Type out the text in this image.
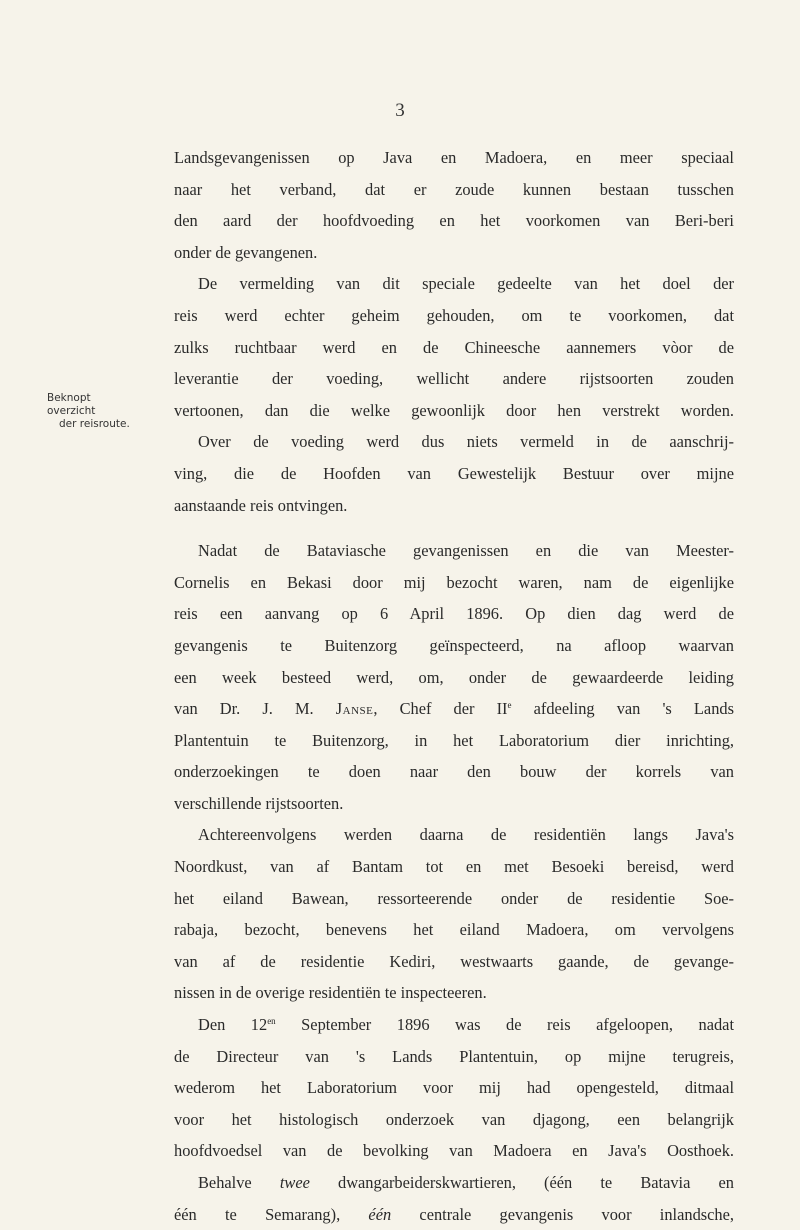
3
Beknopt overzicht
der reisroute.
Landsgevangenissen op Java en Madoera, en meer speciaal
naar het verband, dat er zoude kunnen bestaan tusschen
den aard der hoofdvoeding en het voorkomen van Beri-beri
onder de gevangenen.
De vermelding van dit speciale gedeelte van het doel der
reis werd echter geheim gehouden, om te voorkomen, dat
zulks ruchtbaar werd en de Chineesche aannemers vòor de
leverantie der voeding, wellicht andere rijstsoorten zouden
vertoonen, dan die welke gewoonlijk door hen verstrekt worden.
Over de voeding werd dus niets vermeld in de aanschrij-
ving, die de Hoofden van Gewestelijk Bestuur over mijne
aanstaande reis ontvingen.
Nadat de Bataviasche gevangenissen en die van Meester-
Cornelis en Bekasi door mij bezocht waren, nam de eigenlijke
reis een aanvang op 6 April 1896. Op dien dag werd de
gevangenis te Buitenzorg geïnspecteerd, na afloop waarvan
een week besteed werd, om, onder de gewaardeerde leiding
van Dr. J. M. Janse, Chef der IIe afdeeling van 's Lands
Plantentuin te Buitenzorg, in het Laboratorium dier inrichting,
onderzoekingen te doen naar den bouw der korrels van
verschillende rijstsoorten.
Achtereenvolgens werden daarna de residentiën langs Java's
Noordkust, van af Bantam tot en met Besoeki bereisd, werd
het eiland Bawean, ressorteerende onder de residentie Soe-
rabaja, bezocht, benevens het eiland Madoera, om vervolgens
van af de residentie Kediri, westwaarts gaande, de gevange-
nissen in de overige residentiën te inspecteeren.
Den $12^{en}$ September 1896 was de reis afgeloopen, nadat
de Directeur van 's Lands Plantentuin, op mijne terugreis,
wederom het Laboratorium voor mij had opengesteld, ditmaal
voor het histologisch onderzoek van djagong, een belangrijk
hoofdvoedsel van de bevolking van Madoera en Java's Oosthoek.
Behalve twee dwangarbeiderskwartieren, (één te Batavia en
één te Semarang), één centrale gevangenis voor inlandsche,
